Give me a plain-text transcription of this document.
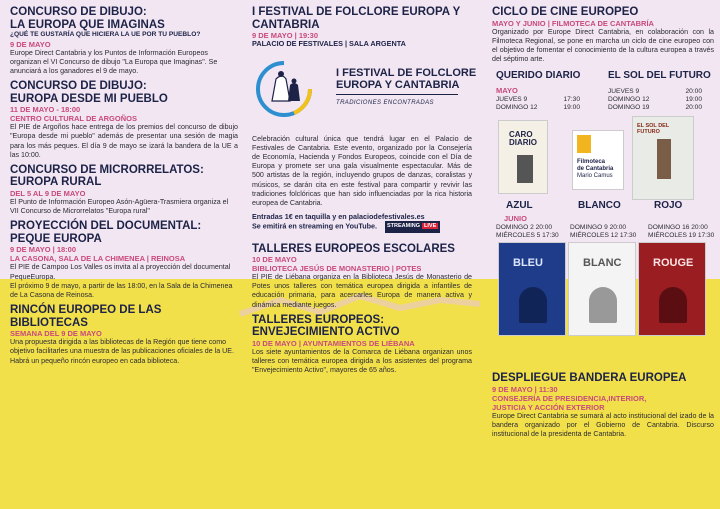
CONCURSO DE DIBUJO:
LA EUROPA QUE IMAGINAS
¿QUÉ TE GUSTARÍA QUE HICIERA LA UE POR TU PUEBLO?
9 DE MAYO
Europe Direct Cantabria y los Puntos de Información Europeos organizan el VI Concurso de dibujo "La Europa que Imaginas". Se anunciará a los ganadores el 9 de mayo.
CONCURSO DE DIBUJO:
EUROPA DESDE MI PUEBLO
11 DE MAYO - 18:00
CENTRO CULTURAL DE ARGOÑOS
El PIE de Argoños hace entrega de los premios del concurso de dibujo "Europa desde mi pueblo" además de presentar una sesión de magia para los más peques. El día 9 de mayo se izará la bandera de la UE a las 10:00.
CONCURSO DE MICRORRELATOS:
EUROPA RURAL
DEL 5 AL 9 DE MAYO
El Punto de Información Europeo Asón-Agüera-Trasmiera organiza el VII Concurso de Microrrelatos "Europa rural"
PROYECCIÓN DEL DOCUMENTAL:
PEQUE EUROPA
9 DE MAYO | 18:00
LA CASONA, SALA DE LA CHIMENEA | REINOSA
El PIE de Campoo Los Valles os invita al a proyección del documental PequeEuropa.
El próximo 9 de mayo, a partir de las 18:00, en la Sala de la Chimenea de La Casona de Reinosa.
RINCÓN EUROPEO DE LAS
BIBLIOTECAS
SEMANA DEL 9 DE MAYO
Una propuesta dirigida a las bibliotecas de la Región que tiene como objetivo facilitarles una muestra de las publicaciones oficiales de la UE.
Habrá un pequeño rincón europeo en cada biblioteca.
I FESTIVAL DE FOLCLORE EUROPA Y
CANTABRIA
9 DE MAYO | 19:30
PALACIO DE FESTIVALES | SALA ARGENTA
I FESTIVAL DE FOLCLORE
EUROPA Y CANTABRIA
TRADICIONES ENCONTRADAS
Celebración cultural única que tendrá lugar en el Palacio de Festivales de Cantabria. Este evento, organizado por la Consejería de Economía, Hacienda y Fondos Europeos, coincide con el Día de Europa y promete ser una gala visualmente espectacular. Más de 500 artistas de la región, incluyendo grupos de danzas, coralistas y músicos, se darán cita en este festival para compartir y revivir las tradiciones folclóricas que han sido influenciadas por la rica historia europea de Cantabria.
Entradas 1€ en taquilla y en palaciodefestivales.es
Se emitirá en streaming en YouTube. STREAMING LIVE
TALLERES EUROPEOS ESCOLARES
10 DE MAYO
BIBLIOTECA JESÚS DE MONASTERIO | POTES
El PIE de Liébana organiza en la Biblioteca Jesús de Monasterio de Potes unos talleres con temática europea dirigida a infantiles de educación primaria, para acercarles Europa de manera activa y dinámica mediante juegos.
TALLERES EUROPEOS:
ENVEJECIMIENTO ACTIVO
10 DE MAYO | AYUNTAMIENTOS DE LIÉBANA
Los siete ayuntamientos de la Comarca de Liébana organizan unos talleres con temática europea dirigida a los asistentes del programa "Envejecimiento Activo", mayores de 65 años.
CICLO DE CINE EUROPEO
MAYO Y JUNIO | FILMOTECA DE CANTABRÍA
Organizado por Europe Direct Cantabria, en colaboración con la Filmoteca Regional, se pone en marcha un ciclo de cine europeo con el objetivo de fomentar el conocimiento de la cultura europea a través del séptimo arte.
QUERIDO DIARIO	EL SOL DEL FUTURO
MAYO
JUEVES 9	17:30
DOMINGO 12	19:00
JUEVES 9	20:00
DOMINGO 12	19:00
DOMINGO 19	20:00
CARO
DIARIO
Filmoteca
de Cantabria
Mario Camus
EL SOL DEL FUTURO
AZUL	BLANCO	ROJO
JUNIO
DOMINGO 2 20:00	DOMINGO 9 20:00	DOMINGO 16 20:00
MIÉRCOLES 5 17:30	MIÉRCOLES 12 17:30	MIÉRCOLES 19 17:30
BLEU	BLANC	ROUGE
DESPLIEGUE BANDERA EUROPEA
9 DE MAYO | 11:30
CONSEJERÍA DE PRESIDENCIA,INTERIOR,
JUSTICIA Y ACCIÓN EXTERIOR
Europe Direct Cantabria se sumará al acto institucional del izado de la bandera organizado por el Gobierno de Cantabria. Discurso institucional de la presidenta de Cantabria.
